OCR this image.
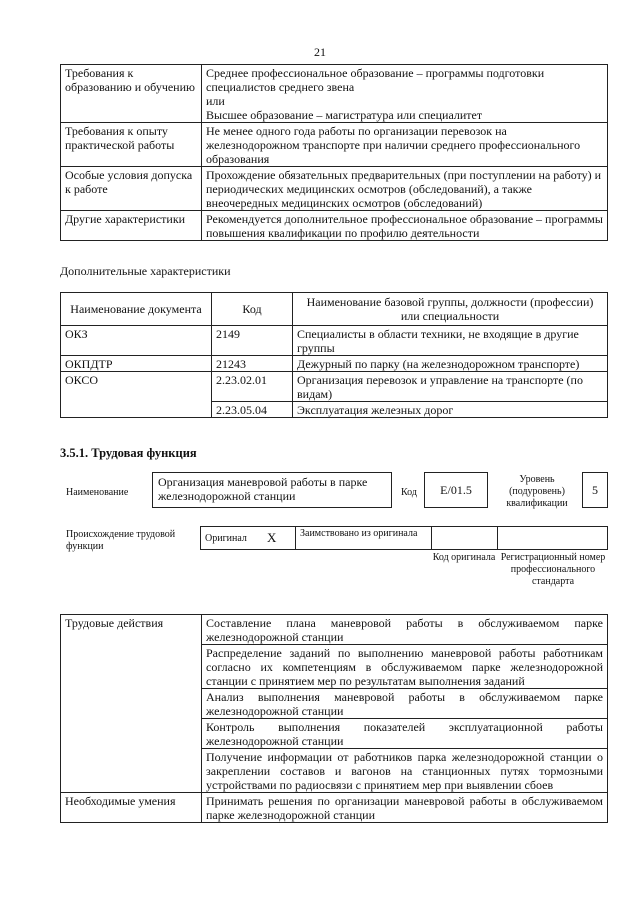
21
Требования к образованию и обучению	Среднее профессиональное образование – программы подготовки специалистов среднего звена
или
Высшее образование – магистратура или специалитет

Требования к опыту практической работы	Не менее одного года работы по организации перевозок на железнодорожном транспорте при наличии среднего профессионального образования
Особые условия допуска к работе	Прохождение обязательных предварительных (при поступлении на работу) и периодических медицинских осмотров (обследований), а также внеочередных медицинских осмотров (обследований)
Другие характеристики	Рекомендуется дополнительное профессиональное образование – программы повышения квалификации по профилю деятельности
Дополнительные характеристики
Наименование документа	Код	Наименование базовой группы, должности (профессии) или специальности
ОКЗ	2149	Специалисты в области техники, не входящие в другие группы
ОКПДТР	21243	Дежурный по парку (на железнодорожном транспорте)
ОКСО	2.23.02.01	Организация перевозок и управление на транспорте (по видам)
	2.23.05.04	Эксплуатация железных дорог
3.5.1. Трудовая функция
Наименование
Организация маневровой работы в парке железнодорожной станции	Код	Е/01.5
Уровень (подуровень) квалификации
5
Происхождение трудовой функции
Оригинал Х Заимствовано из оригинала
Код оригинала Регистрационный номер профессионального стандарта
Трудовые действия	Составление плана маневровой работы в обслуживаемом парке железнодорожной станции
	Распределение заданий по выполнению маневровой работы работникам согласно их компетенциям в обслуживаемом парке железнодорожной станции с принятием мер по результатам выполнения заданий
	Анализ выполнения маневровой работы в обслуживаемом парке железнодорожной станции
	Контроль выполнения показателей эксплуатационной работы железнодорожной станции
	Получение информации от работников парка железнодорожной станции о закреплении составов и вагонов на станционных путях тормозными устройствами по радиосвязи с принятием мер при выявлении сбоев
Необходимые умения	Принимать решения по организации маневровой работы в обслуживаемом парке железнодорожной станции
